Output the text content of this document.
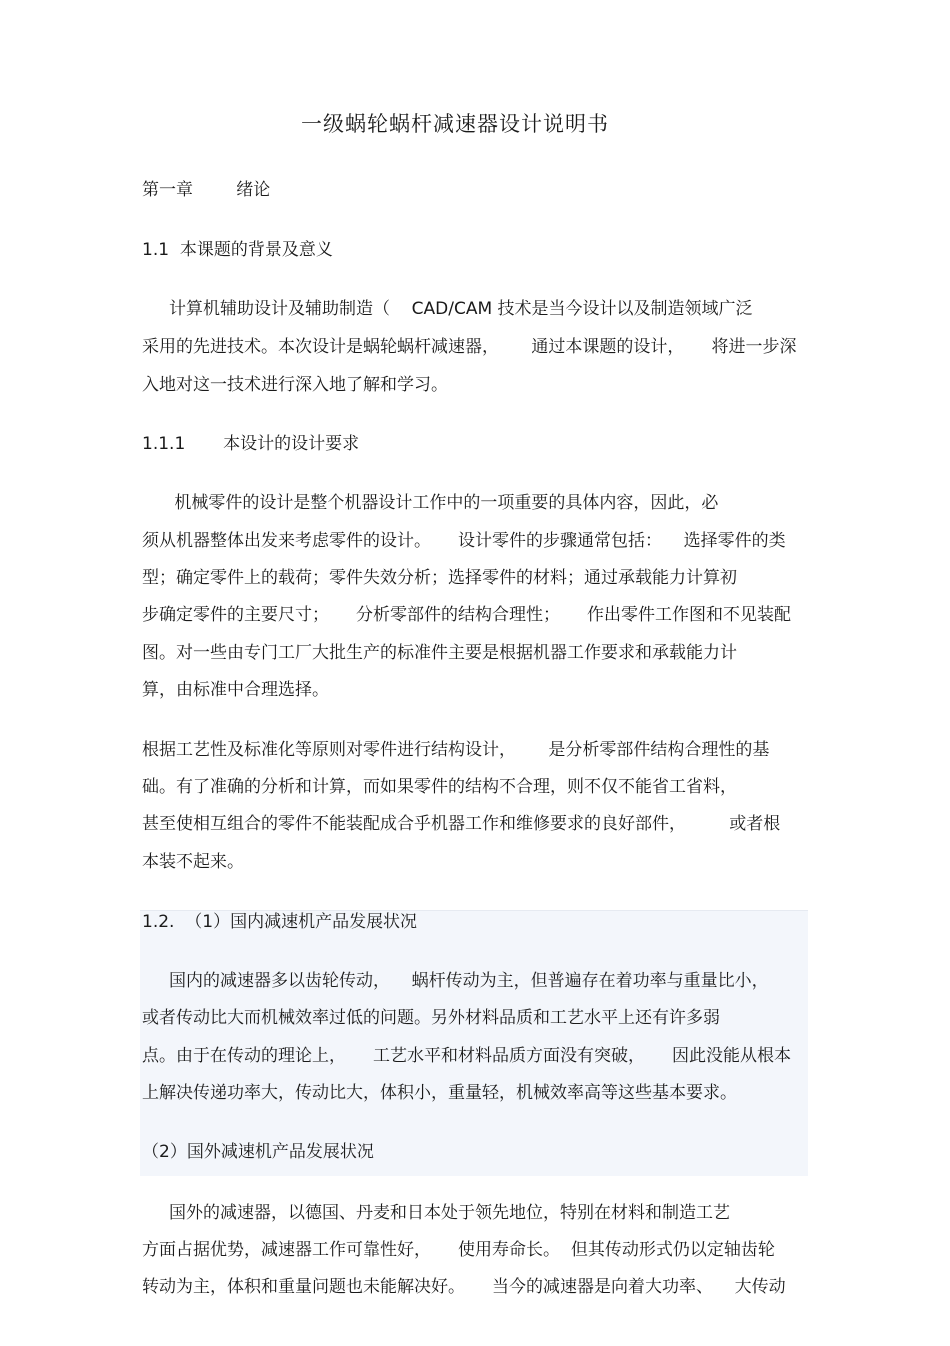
一级蜗轮蜗杆减速器设计说明书
第一章        绪论
1.1  本课题的背景及意义
计算机辅助设计及辅助制造（    CAD/CAM 技术是当今设计以及制造领域广泛
采用的先进技术。本次设计是蜗轮蜗杆减速器，      通过本课题的设计，     将进一步深
入地对这一技术进行深入地了解和学习。
1.1.1       本设计的设计要求
机械零件的设计是整个机器设计工作中的一项重要的具体内容，因此，必
须从机器整体出发来考虑零件的设计。     设计零件的步骤通常包括：    选择零件的类
型；确定零件上的载荷；零件失效分析；选择零件的材料；通过承载能力计算初
步确定零件的主要尺寸；     分析零部件的结构合理性；     作出零件工作图和不见装配
图。对一些由专门工厂大批生产的标准件主要是根据机器工作要求和承载能力计
算，由标准中合理选择。
根据工艺性及标准化等原则对零件进行结构设计，      是分析零部件结构合理性的基
础。有了准确的分析和计算，而如果零件的结构不合理，则不仅不能省工省料，
甚至使相互组合的零件不能装配成合乎机器工作和维修要求的良好部件，        或者根
本装不起来。
1.2.  （1）国内减速机产品发展状况
国内的减速器多以齿轮传动，    蜗杆传动为主，但普遍存在着功率与重量比小，
或者传动比大而机械效率过低的问题。另外材料品质和工艺水平上还有许多弱
点。由于在传动的理论上，     工艺水平和材料品质方面没有突破，     因此没能从根本
上解决传递功率大，传动比大，体积小，重量轻，机械效率高等这些基本要求。
（2）国外减速机产品发展状况
国外的减速器，以德国、丹麦和日本处于领先地位，特别在材料和制造工艺
方面占据优势，减速器工作可靠性好，     使用寿命长。  但其传动形式仍以定轴齿轮
转动为主，体积和重量问题也未能解决好。     当今的减速器是向着大功率、    大传动
